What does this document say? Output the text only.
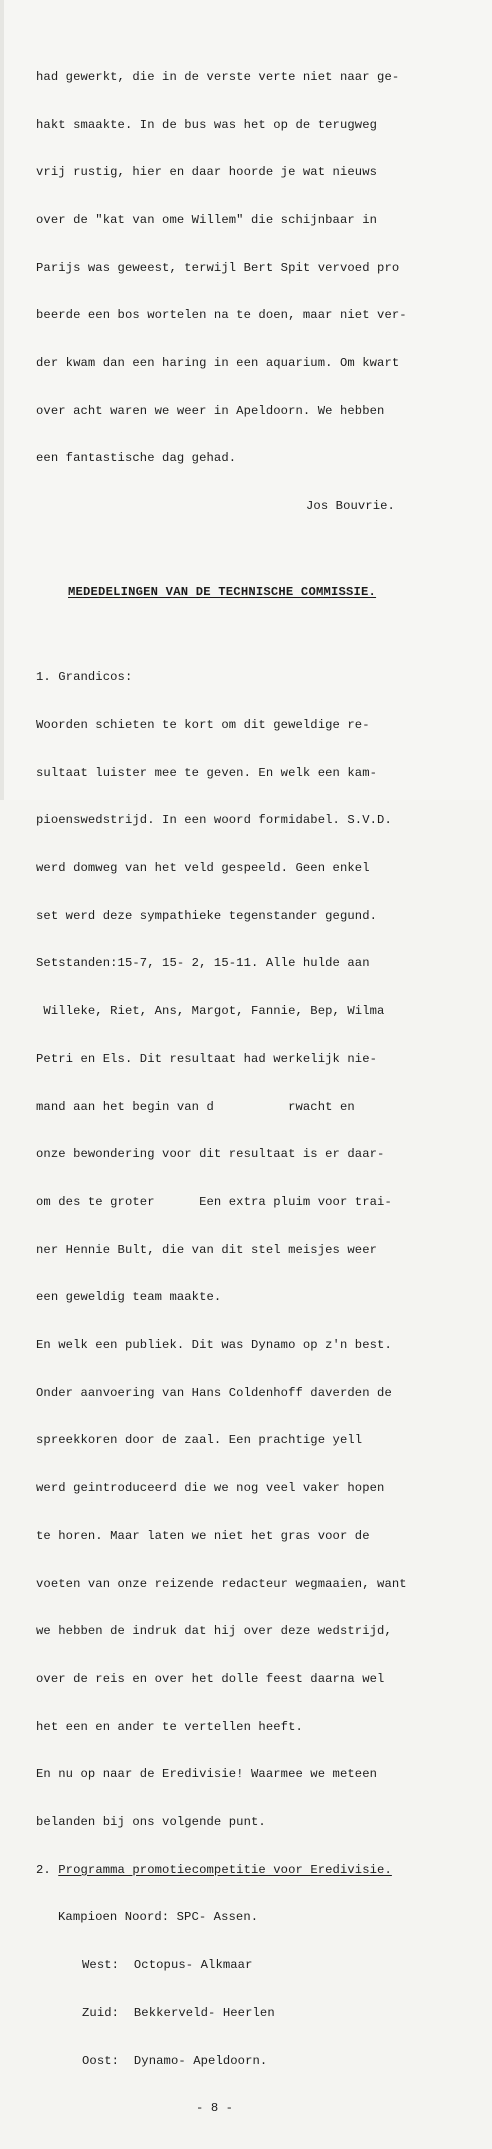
had gewerkt, die in de verste verte niet naar ge-

hakt smaakte. In de bus was het op de terugweg

vrij rustig, hier en daar hoorde je wat nieuws

over de "kat van ome Willem" die schijnbaar in

Parijs was geweest, terwijl Bert Spit vervoed pro

beerde een bos wortelen na te doen, maar niet ver-

der kwam dan een haring in een aquarium. Om kwart

over acht waren we weer in Apeldoorn. We hebben

een fantastische dag gehad.

Jos Bouvrie.

MEDEDELINGEN VAN DE TECHNISCHE COMMISSIE.

1. Grandicos:

Woorden schieten te kort om dit geweldige re-

sultaat luister mee te geven. En welk een kam-

pioenswedstrijd. In een woord formidabel. S.V.D.

werd domweg van het veld gespeeld. Geen enkel

set werd deze sympathieke tegenstander gegund.

Setstanden:15-7, 15- 2, 15-11. Alle hulde aan

Willeke, Riet, Ans, Margot, Fannie, Bep, Wilma

Petri en Els. Dit resultaat had werkelijk nie-

mand aan het begin van d          rwacht en

onze bewondering voor dit resultaat is er daar-

om des te groter      Een extra pluim voor trai-

ner Hennie Bult, die van dit stel meisjes weer

een geweldig team maakte.

En welk een publiek. Dit was Dynamo op z'n best.

Onder aanvoering van Hans Coldenhoff daverden de

spreekkoren door de zaal. Een prachtige yell

werd geintroduceerd die we nog veel vaker hopen

te horen. Maar laten we niet het gras voor de

voeten van onze reizende redacteur wegmaaien, want

we hebben de indruk dat hij over deze wedstrijd,

over de reis en over het dolle feest daarna wel

het een en ander te vertellen heeft.

En nu op naar de Eredivisie! Waarmee we meteen

belanden bij ons volgende punt.

2. Programma promotiecompetitie voor Eredivisie.

Kampioen Noord: SPC- Assen.

West:  Octopus- Alkmaar

Zuid:  Bekkerveld- Heerlen

Oost:  Dynamo- Apeldoorn.

- 8 -
